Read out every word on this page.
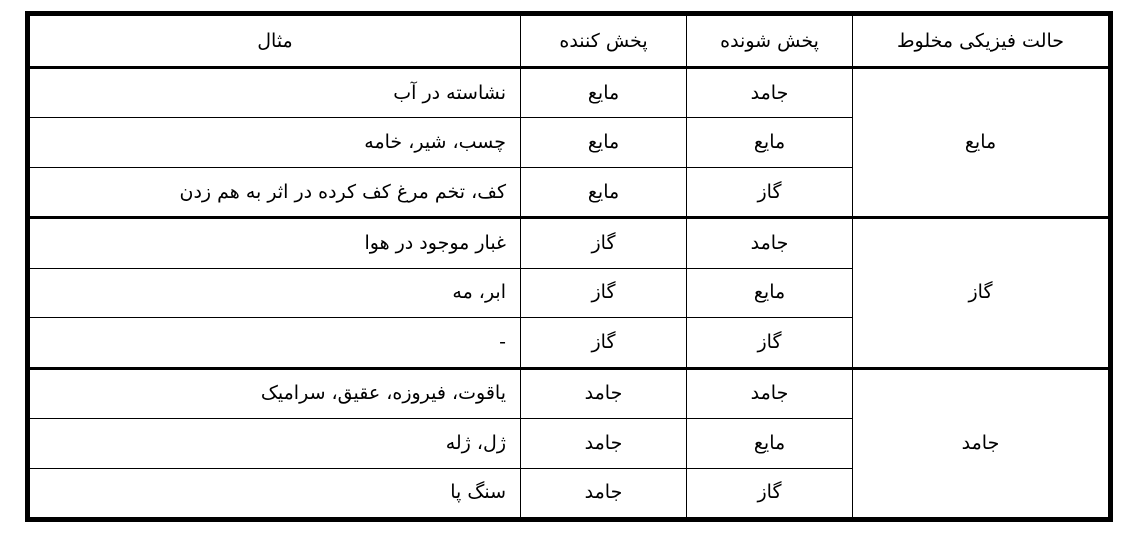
حالت فیزیکی مخلوط	پخش شونده	پخش کننده	مثال
مایع	جامد	مایع	نشاسته در آب
	مایع	مایع	چسب، شیر، خامه
	گاز	مایع	کف، تخم مرغ کف کرده در اثر به هم زدن
گاز	جامد	گاز	غبار موجود در هوا
	مایع	گاز	ابر، مه
	گاز	گاز	-
جامد	جامد	جامد	یاقوت، فیروزه، عقیق، سرامیک
	مایع	جامد	ژل، ژله
	گاز	جامد	سنگ پا
